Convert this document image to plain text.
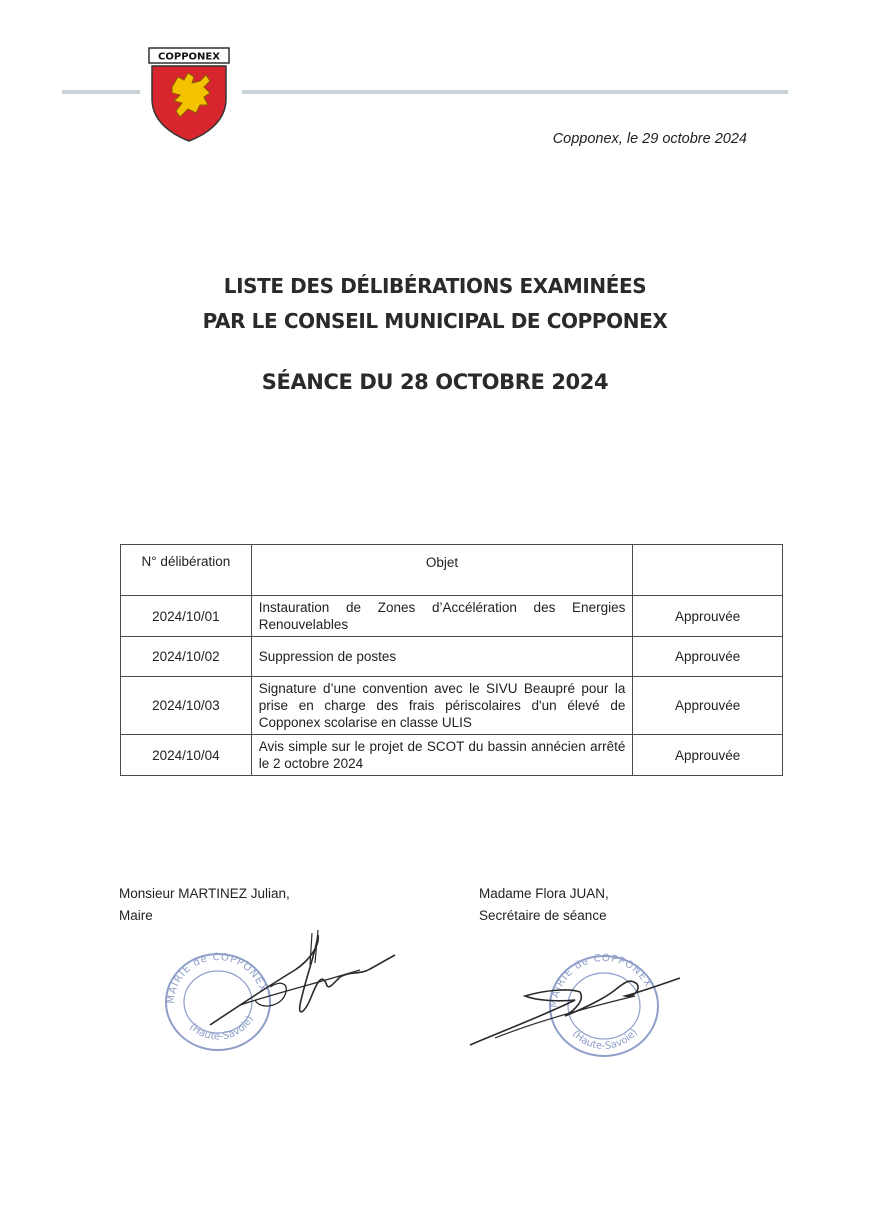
COPPONEX
Copponex, le 29 octobre 2024
LISTE DES DÉLIBÉRATIONS EXAMINÉES
PAR LE CONSEIL MUNICIPAL DE COPPONEX
SÉANCE DU 28 OCTOBRE 2024
N° délibération	Objet	
2024/10/01	Instauration de Zones d’Accélération des Energies Renouvelables	Approuvée
2024/10/02	Suppression de postes	Approuvée
2024/10/03	Signature d’une convention avec le SIVU Beaupré pour la prise en charge des frais périscolaires d'un élevé de Copponex scolarise en classe ULIS	Approuvée
2024/10/04	Avis simple sur le projet de SCOT du bassin annécien arrêté le 2 octobre 2024	Approuvée
Monsieur MARTINEZ Julian,
Maire
Madame Flora JUAN,
Secrétaire de séance
MAIRIE de COPPONEX
(Haute-Savoie)
MAIRIE de COPPONEX
(Haute-Savoie)
